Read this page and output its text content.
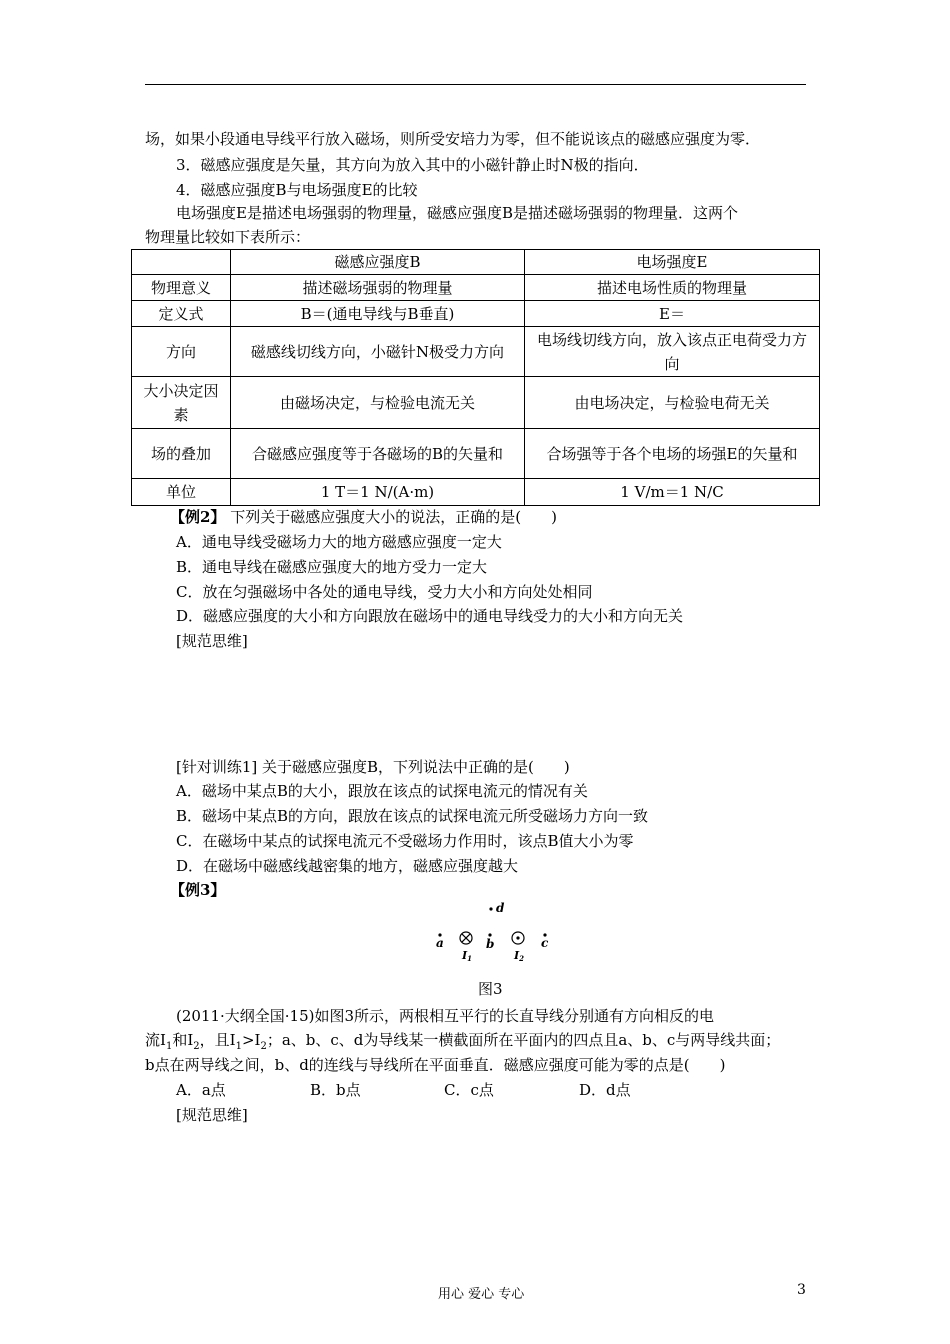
场，如果小段通电导线平行放入磁场，则所受安培力为零，但不能说该点的磁感应强度为零．
3．磁感应强度是矢量，其方向为放入其中的小磁针静止时N极的指向．
4．磁感应强度B与电场强度E的比较
电场强度E是描述电场强弱的物理量，磁感应强度B是描述磁场强弱的物理量．这两个
物理量比较如下表所示：
	磁感应强度B	电场强度E
物理意义	描述磁场强弱的物理量	描述电场性质的物理量
定义式	B＝(通电导线与B垂直)	E＝
方向	磁感线切线方向，小磁针N极受力方向	电场线切线方向，放入该点正电荷受力方向
大小决定因素	由磁场决定，与检验电流无关	由电场决定，与检验电荷无关
场的叠加	合磁感应强度等于各磁场的B的矢量和	合场强等于各个电场的场强E的矢量和
单位	1 T＝1 N/(A·m)	1 V/m＝1 N/C
【例2】 下列关于磁感应强度大小的说法，正确的是(　　)
A．通电导线受磁场力大的地方磁感应强度一定大
B．通电导线在磁感应强度大的地方受力一定大
C．放在匀强磁场中各处的通电导线，受力大小和方向处处相同
D．磁感应强度的大小和方向跟放在磁场中的通电导线受力的大小和方向无关
[规范思维]
[针对训练1] 关于磁感应强度B，下列说法中正确的是(　　)
A．磁场中某点B的大小，跟放在该点的试探电流元的情况有关
B．磁场中某点B的方向，跟放在该点的试探电流元所受磁场力方向一致
C．在磁场中某点的试探电流元不受磁场力作用时，该点B值大小为零
D．在磁场中磁感线越密集的地方，磁感应强度越大
【例3】
d
a
I1
b
I2
c
图3
(2011·大纲全国·15)如图3所示，两根相互平行的长直导线分别通有方向相反的电
流$I_1$和$I_2$，且$I_1>I_2$；a、b、c、d为导线某一横截面所在平面内的四点且a、b、c与两导线共面；
b点在两导线之间，b、d的连线与导线所在平面垂直．磁感应强度可能为零的点是(　　)
A．a点	B．b点	C．c点	D．d点
[规范思维]
用心 爱心 专心	3
